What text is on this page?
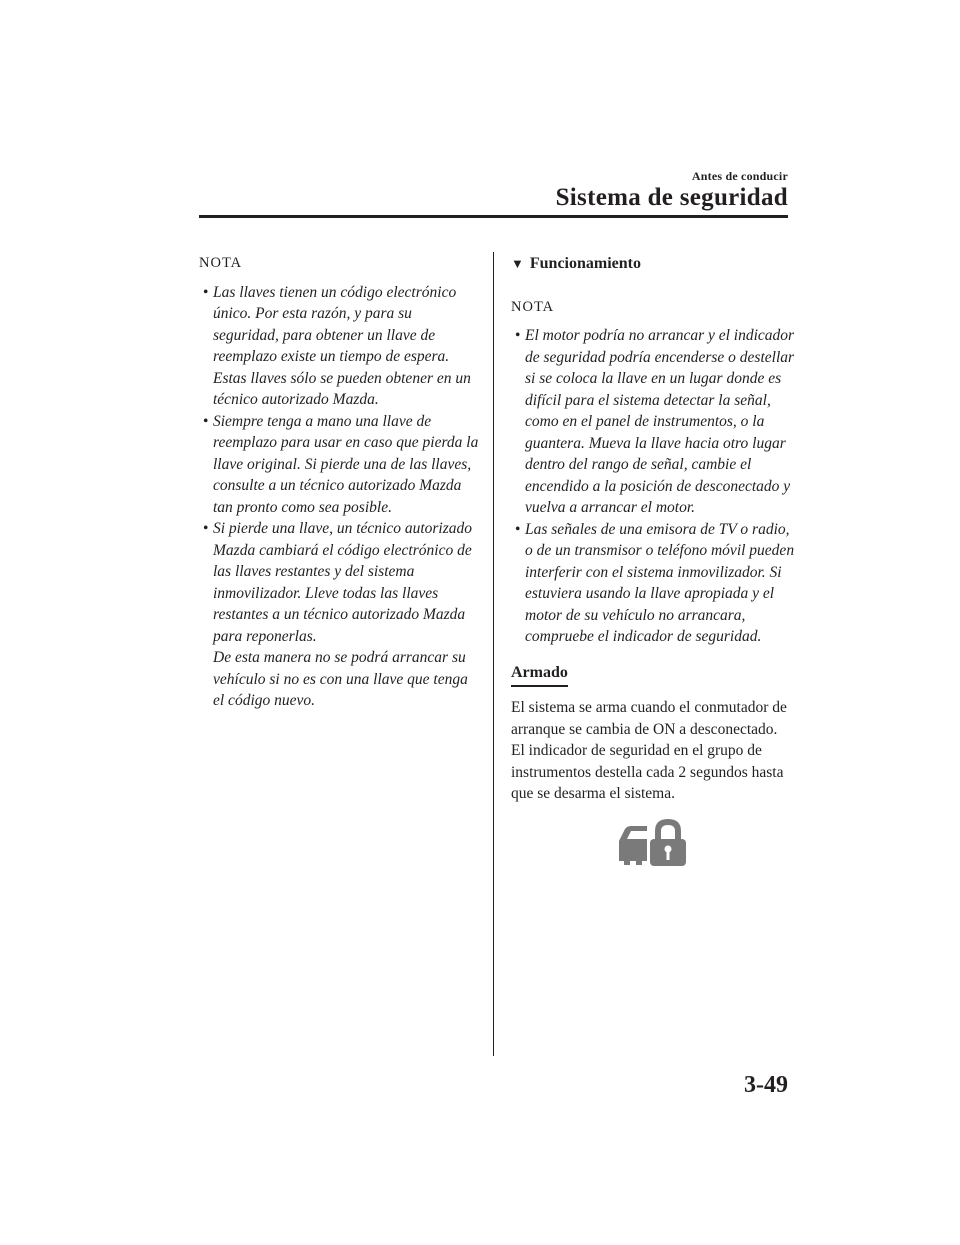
Antes de conducir
Sistema de seguridad

NOTA

• Las llaves tienen un código electrónico único. Por esta razón, y para su seguridad, para obtener un llave de reemplazo existe un tiempo de espera. Estas llaves sólo se pueden obtener en un técnico autorizado Mazda.
• Siempre tenga a mano una llave de reemplazo para usar en caso que pierda la llave original. Si pierde una de las llaves, consulte a un técnico autorizado Mazda tan pronto como sea posible.
• Si pierde una llave, un técnico autorizado Mazda cambiará el código electrónico de las llaves restantes y del sistema inmovilizador. Lleve todas las llaves restantes a un técnico autorizado Mazda para reponerlas.
De esta manera no se podrá arrancar su vehículo si no es con una llave que tenga el código nuevo.

▼ Funcionamiento

NOTA

• El motor podría no arrancar y el indicador de seguridad podría encenderse o destellar si se coloca la llave en un lugar donde es difícil para el sistema detectar la señal, como en el panel de instrumentos, o la guantera. Mueva la llave hacia otro lugar dentro del rango de señal, cambie el encendido a la posición de desconectado y vuelva a arrancar el motor.
• Las señales de una emisora de TV o radio, o de un transmisor o teléfono móvil pueden interferir con el sistema inmovilizador. Si estuviera usando la llave apropiada y el motor de su vehículo no arrancara, compruebe el indicador de seguridad.
Armado

El sistema se arma cuando el conmutador de arranque se cambia de ON a desconectado.

El indicador de seguridad en el grupo de instrumentos destella cada 2 segundos hasta que se desarma el sistema.

3-49
